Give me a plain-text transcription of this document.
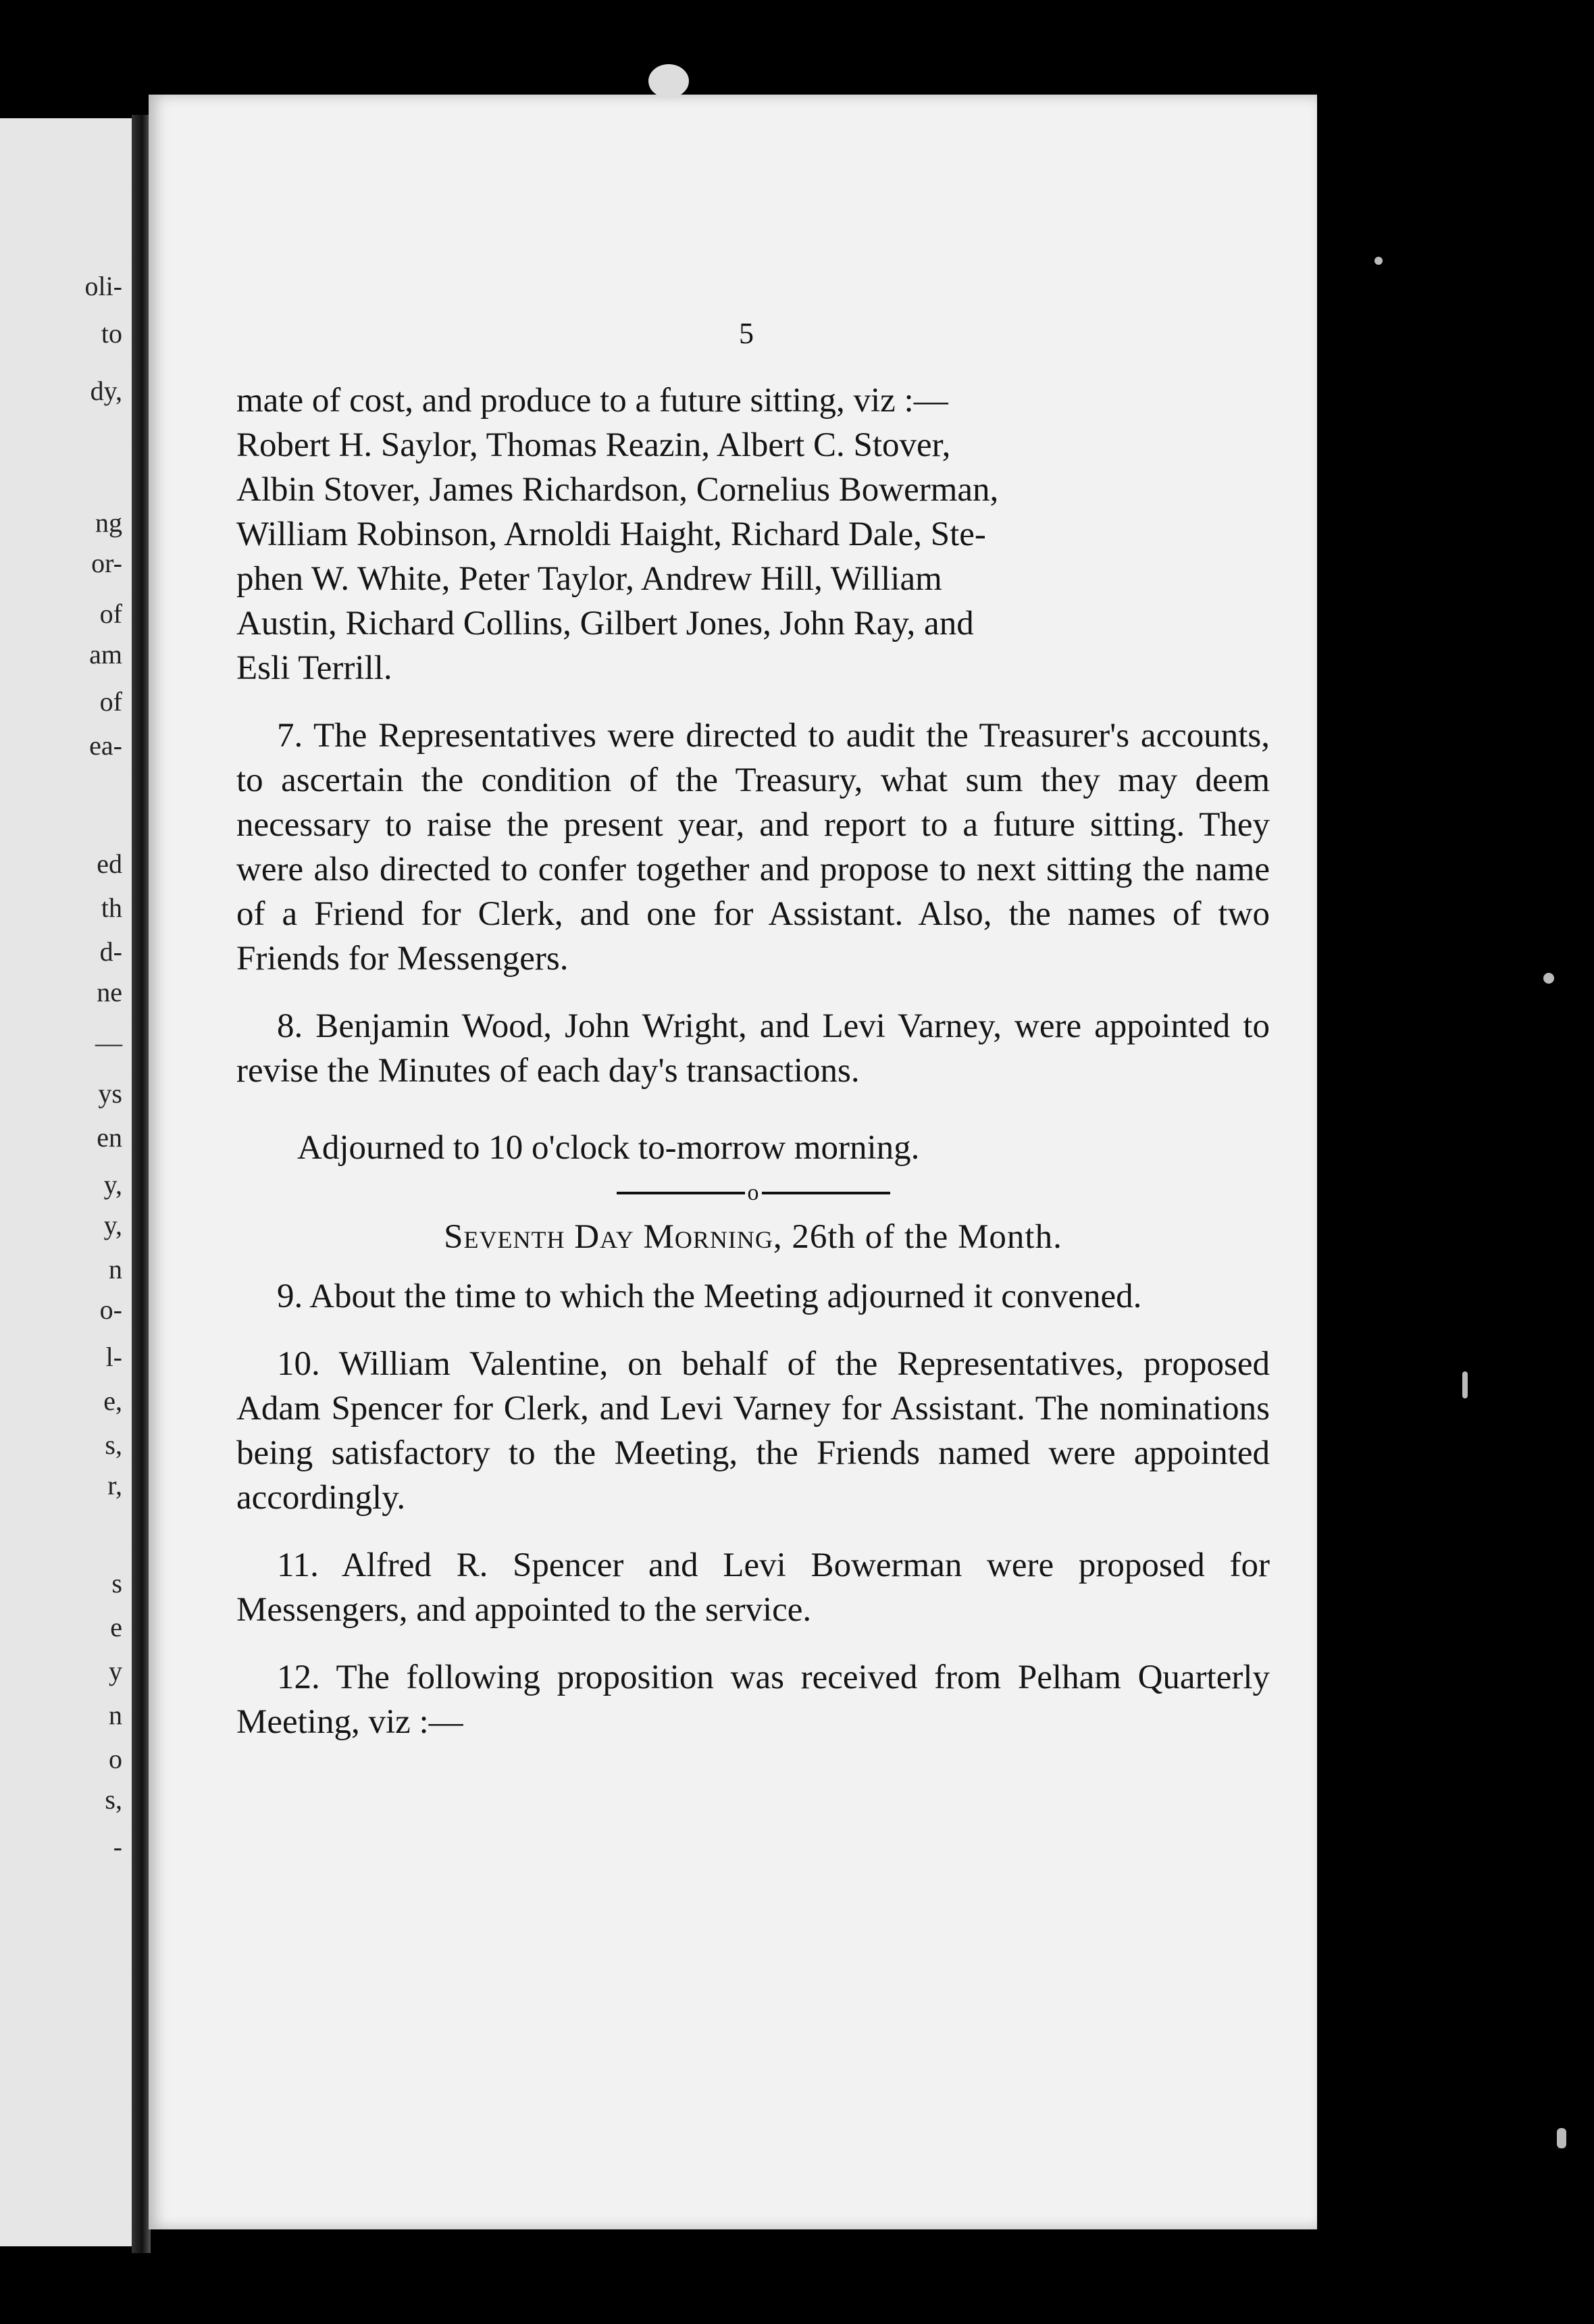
oli-
to
dy,
ng
or-
of
am
of
ea-
ed
th
d-
ne
—
ys
en
y,
y,
n
o-
l-
e,
s,
r,
s
e
y
n
o
s,
-
5
mate of cost, and produce to a future sitting, viz :—
Robert H. Saylor, Thomas Reazin, Albert C. Stover,
Albin Stover, James Richardson, Cornelius Bowerman,
William Robinson, Arnoldi Haight, Richard Dale, Ste-
phen W. White, Peter Taylor, Andrew Hill, William
Austin, Richard Collins, Gilbert Jones, John Ray, and
Esli Terrill.

7. The Representatives were directed to audit the Treasurer's accounts, to ascertain the condition of the Treasury, what sum they may deem necessary to raise the present year, and report to a future sitting. They were also directed to confer together and propose to next sitting the name of a Friend for Clerk, and one for Assistant. Also, the names of two Friends for Messengers.

8. Benjamin Wood, John Wright, and Levi Varney, were appointed to revise the Minutes of each day's transactions.

Adjourned to 10 o'clock to-morrow morning.

o
Seventh Day Morning, 26th of the Month.

9. About the time to which the Meeting adjourned it convened.

10. William Valentine, on behalf of the Representatives, proposed Adam Spencer for Clerk, and Levi Varney for Assistant. The nominations being satisfactory to the Meeting, the Friends named were appointed accordingly.

11. Alfred R. Spencer and Levi Bowerman were proposed for Messengers, and appointed to the service.

12. The following proposition was received from Pelham Quarterly Meeting, viz :—
